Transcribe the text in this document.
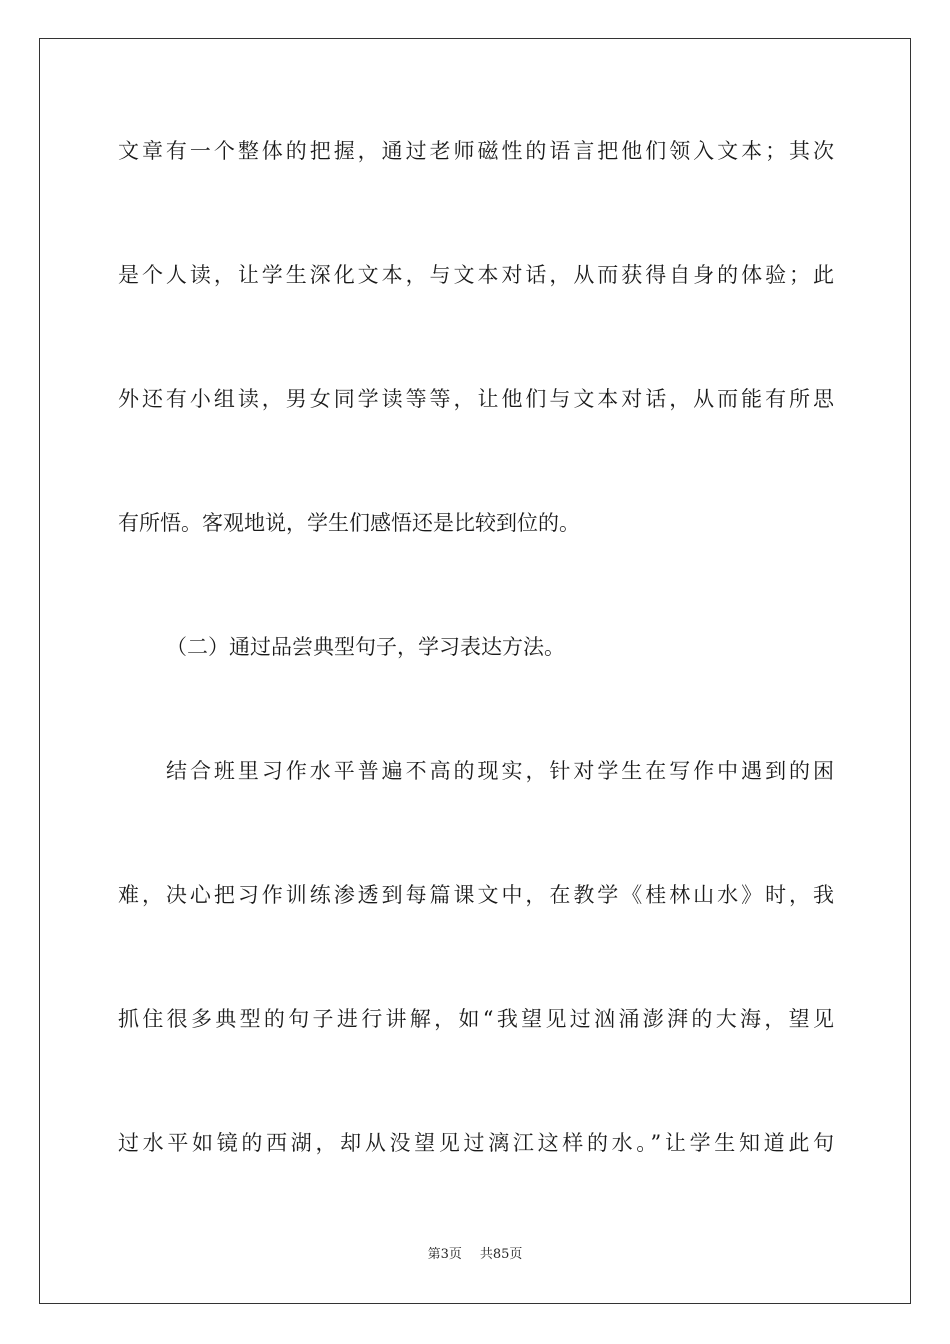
文章有一个整体的把握，通过老师磁性的语言把他们领入文本；其次
是个人读，让学生深化文本，与文本对话，从而获得自身的体验；此
外还有小组读，男女同学读等等，让他们与文本对话，从而能有所思
有所悟。客观地说，学生们感悟还是比较到位的。
（二）通过品尝典型句子，学习表达方法。
结合班里习作水平普遍不高的现实，针对学生在写作中遇到的困
难，决心把习作训练渗透到每篇课文中，在教学《桂林山水》时，我
抓住很多典型的句子进行讲解，如“我望见过汹涌澎湃的大海，望见
过水平如镜的西湖，却从没望见过漓江这样的水。”让学生知道此句
第3页 共85页
